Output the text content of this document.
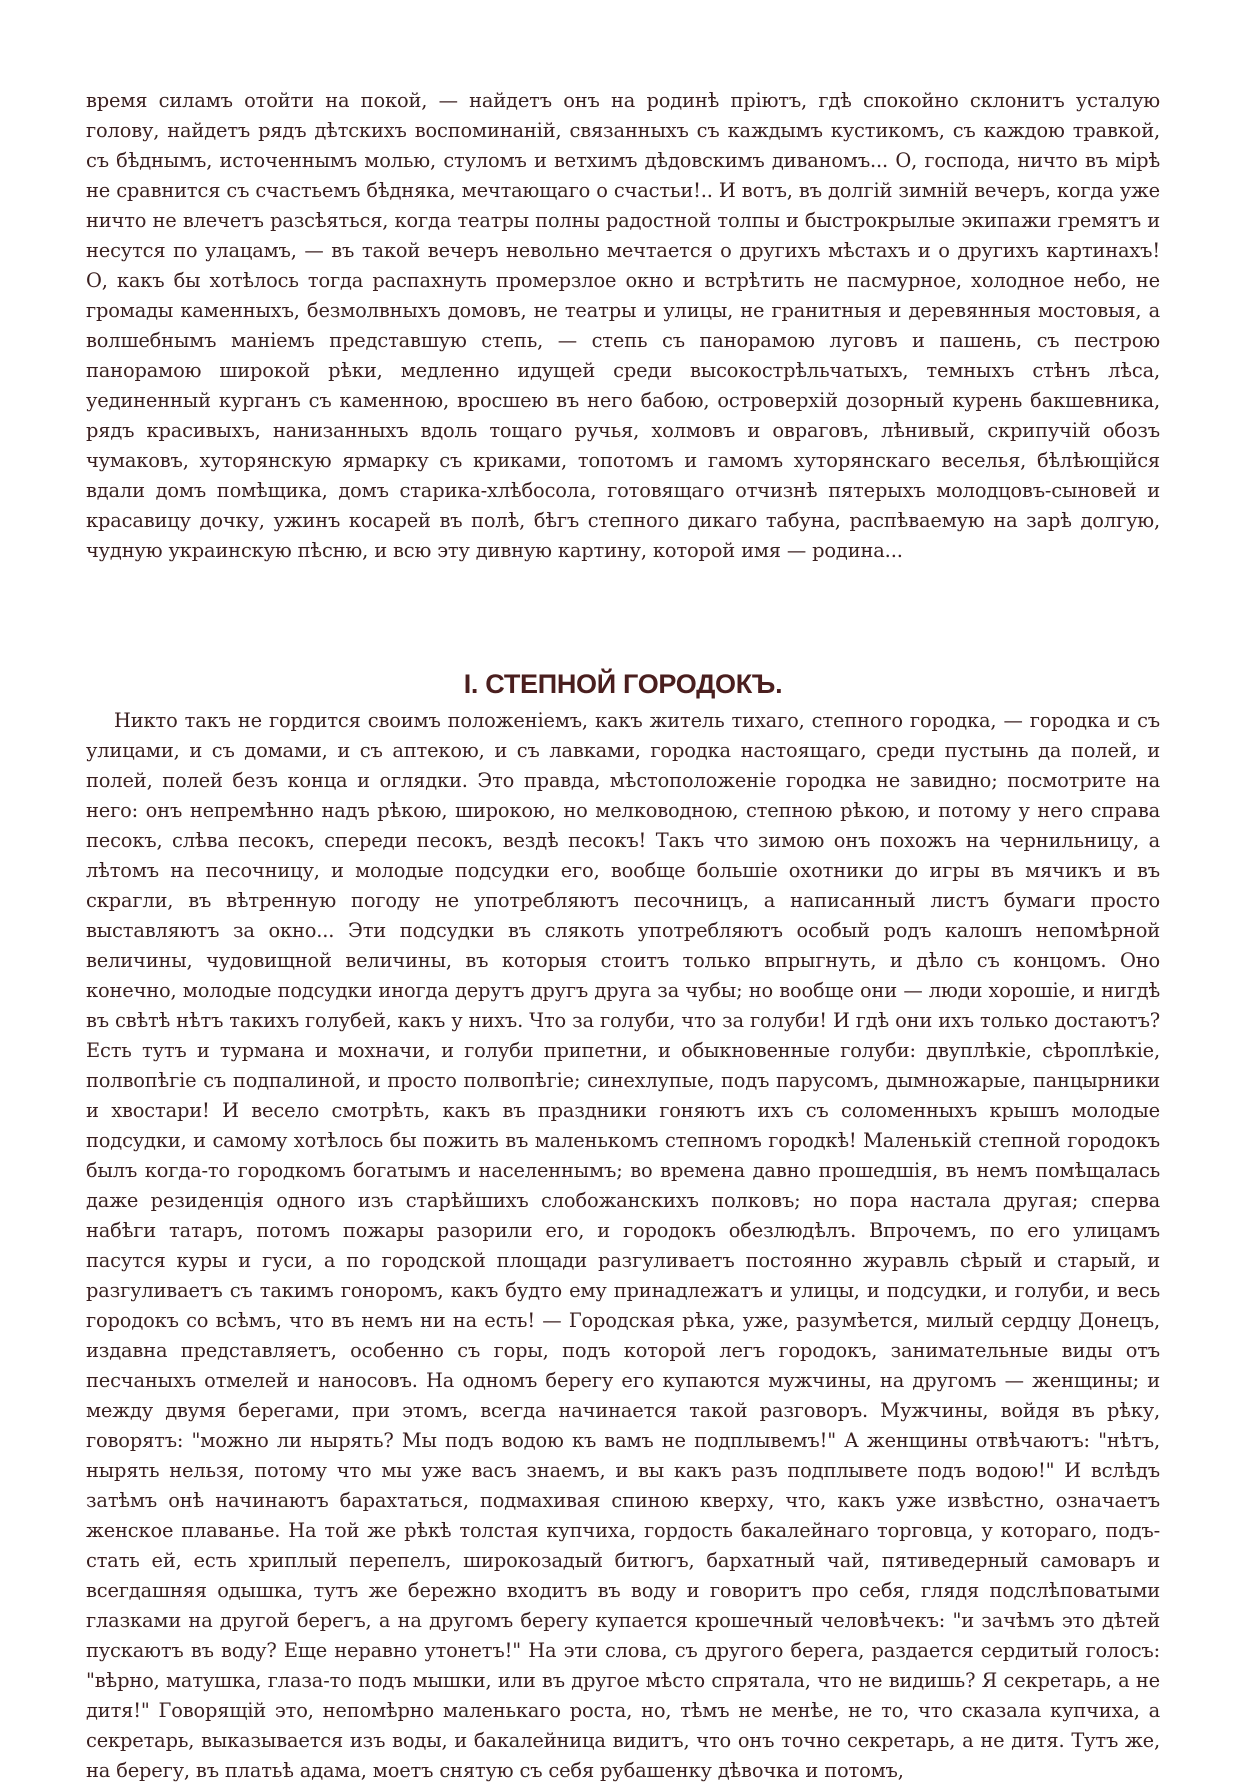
время силамъ отойти на покой, — найдетъ онъ на родинѣ пріютъ, гдѣ спокойно склонитъ усталую голову, найдетъ рядъ дѣтскихъ воспоминаній, связанныхъ съ каждымъ кустикомъ, съ каждою травкой, съ бѣднымъ, источеннымъ молью, стуломъ и ветхимъ дѣдовскимъ диваномъ... О, господа, ничто въ мірѣ не сравнится съ счастьемъ бѣдняка, мечтающаго о счастьи!.. И вотъ, въ долгій зимній вечеръ, когда уже ничто не влечетъ разсѣяться, когда театры полны радостной толпы и быстрокрылые экипажи гремятъ и несутся по улацамъ, — въ такой вечеръ невольно мечтается о другихъ мѣстахъ и о другихъ картинахъ! О, какъ бы хотѣлось тогда распахнуть промерзлое окно и встрѣтить не пасмурное, холодное небо, не громады каменныхъ, безмолвныхъ домовъ, не театры и улицы, не гранитныя и деревянныя мостовыя, а волшебнымъ маніемъ представшую степь, — степь съ панорамою луговъ и пашень, съ пестрою панорамою широкой рѣки, медленно идущей среди высокострѣльчатыхъ, темныхъ стѣнъ лѣса, уединенный курганъ съ каменною, вросшею въ него бабою, островерхій дозорный курень бакшевника, рядъ красивыхъ, нанизанныхъ вдоль тощаго ручья, холмовъ и овраговъ, лѣнивый, скрипучій обозъ чумаковъ, хуторянскую ярмарку съ криками, топотомъ и гамомъ хуторянскаго веселья, бѣлѣющійся вдали домъ помѣщика, домъ старика-хлѣбосола, готовящаго отчизнѣ пятерыхъ молодцовъ-сыновей и красавицу дочку, ужинъ косарей въ полѣ, бѣгъ степного дикаго табуна, распѣваемую на зарѣ долгую, чудную украинскую пѣсню, и всю эту дивную картину, которой имя — родина...

I. СТЕПНОЙ ГОРОДОКЪ.

Никто такъ не гордится своимъ положеніемъ, какъ житель тихаго, степного городка, — городка и съ улицами, и съ домами, и съ аптекою, и съ лавками, городка настоящаго, среди пустынь да полей, и полей, полей безъ конца и оглядки. Это правда, мѣстоположеніе городка не завидно; посмотрите на него: онъ непремѣнно надъ рѣкою, широкою, но мелководною, степною рѣкою, и потому у него справа песокъ, слѣва песокъ, спереди песокъ, вездѣ песокъ! Такъ что зимою онъ похожъ на чернильницу, а лѣтомъ на песочницу, и молодые подсудки его, вообще большіе охотники до игры въ мячикъ и въ скрагли, въ вѣтренную погоду не употребляютъ песочницъ, а написанный листъ бумаги просто выставляютъ за окно... Эти подсудки въ слякоть употребляютъ особый родъ калошъ непомѣрной величины, чудовищной величины, въ которыя стоитъ только впрыгнуть, и дѣло съ концомъ. Оно конечно, молодые подсудки иногда дерутъ другъ друга за чубы; но вообще они — люди хорошіе, и нигдѣ въ свѣтѣ нѣтъ такихъ голубей, какъ у нихъ. Что за голуби, что за голуби! И гдѣ они ихъ только достаютъ? Есть тутъ и турмана и мохначи, и голуби припетни, и обыкновенные голуби: двуплѣкіе, сѣроплѣкіе, полвопѣгіе съ подпалиной, и просто полвопѣгіе; синехлупые, подъ парусомъ, дымножарые, панцырники и хвостари! И весело смотрѣть, какъ въ праздники гоняютъ ихъ съ соломенныхъ крышъ молодые подсудки, и самому хотѣлось бы пожить въ маленькомъ степномъ городкѣ! Маленькій степной городокъ былъ когда-то городкомъ богатымъ и населеннымъ; во времена давно прошедшія, въ немъ помѣщалась даже резиденція одного изъ старѣйшихъ слобожанскихъ полковъ; но пора настала другая; сперва набѣги татаръ, потомъ пожары разорили его, и городокъ обезлюдѣлъ. Впрочемъ, по его улицамъ пасутся куры и гуси, а по городской площади разгуливаетъ постоянно журавль сѣрый и старый, и разгуливаетъ съ такимъ гоноромъ, какъ будто ему принадлежатъ и улицы, и подсудки, и голуби, и весь городокъ со всѣмъ, что въ немъ ни на есть! — Городская рѣка, уже, разумѣется, милый сердцу Донецъ, издавна представляетъ, особенно съ горы, подъ которой легъ городокъ, занимательные виды отъ песчаныхъ отмелей и наносовъ. На одномъ берегу его купаются мужчины, на другомъ — женщины; и между двумя берегами, при этомъ, всегда начинается такой разговоръ. Мужчины, войдя въ рѣку, говорятъ: "можно ли нырять? Мы подъ водою къ вамъ не подплывемъ!" А женщины отвѣчаютъ: "нѣтъ, нырять нельзя, потому что мы уже васъ знаемъ, и вы какъ разъ подплывете подъ водою!" И вслѣдъ затѣмъ онѣ начинаютъ барахтаться, подмахивая спиною кверху, что, какъ уже извѣстно, означаетъ женское плаванье. На той же рѣкѣ толстая купчиха, гордость бакалейнаго торговца, у котораго, подъ-стать ей, есть хриплый перепелъ, широкозадый битюгъ, бархатный чай, пятиведерный самоваръ и всегдашняя одышка, тутъ же бережно входитъ въ воду и говоритъ про себя, глядя подслѣповатыми глазками на другой берегъ, а на другомъ берегу купается крошечный человѣчекъ: "и зачѣмъ это дѣтей пускаютъ въ воду? Еще неравно утонетъ!" На эти слова, съ другого берега, раздается сердитый голосъ: "вѣрно, матушка, глаза-то подъ мышки, или въ другое мѣсто спрятала, что не видишь? Я секретарь, а не дитя!" Говорящій это, непомѣрно маленькаго роста, но, тѣмъ не менѣе, не то, что сказала купчиха, а секретарь, выказывается изъ воды, и бакалейница видитъ, что онъ точно секретарь, а не дитя. Тутъ же, на берегу, въ платьѣ адама, моетъ снятую съ себя рубашенку дѣвочка и потомъ,
